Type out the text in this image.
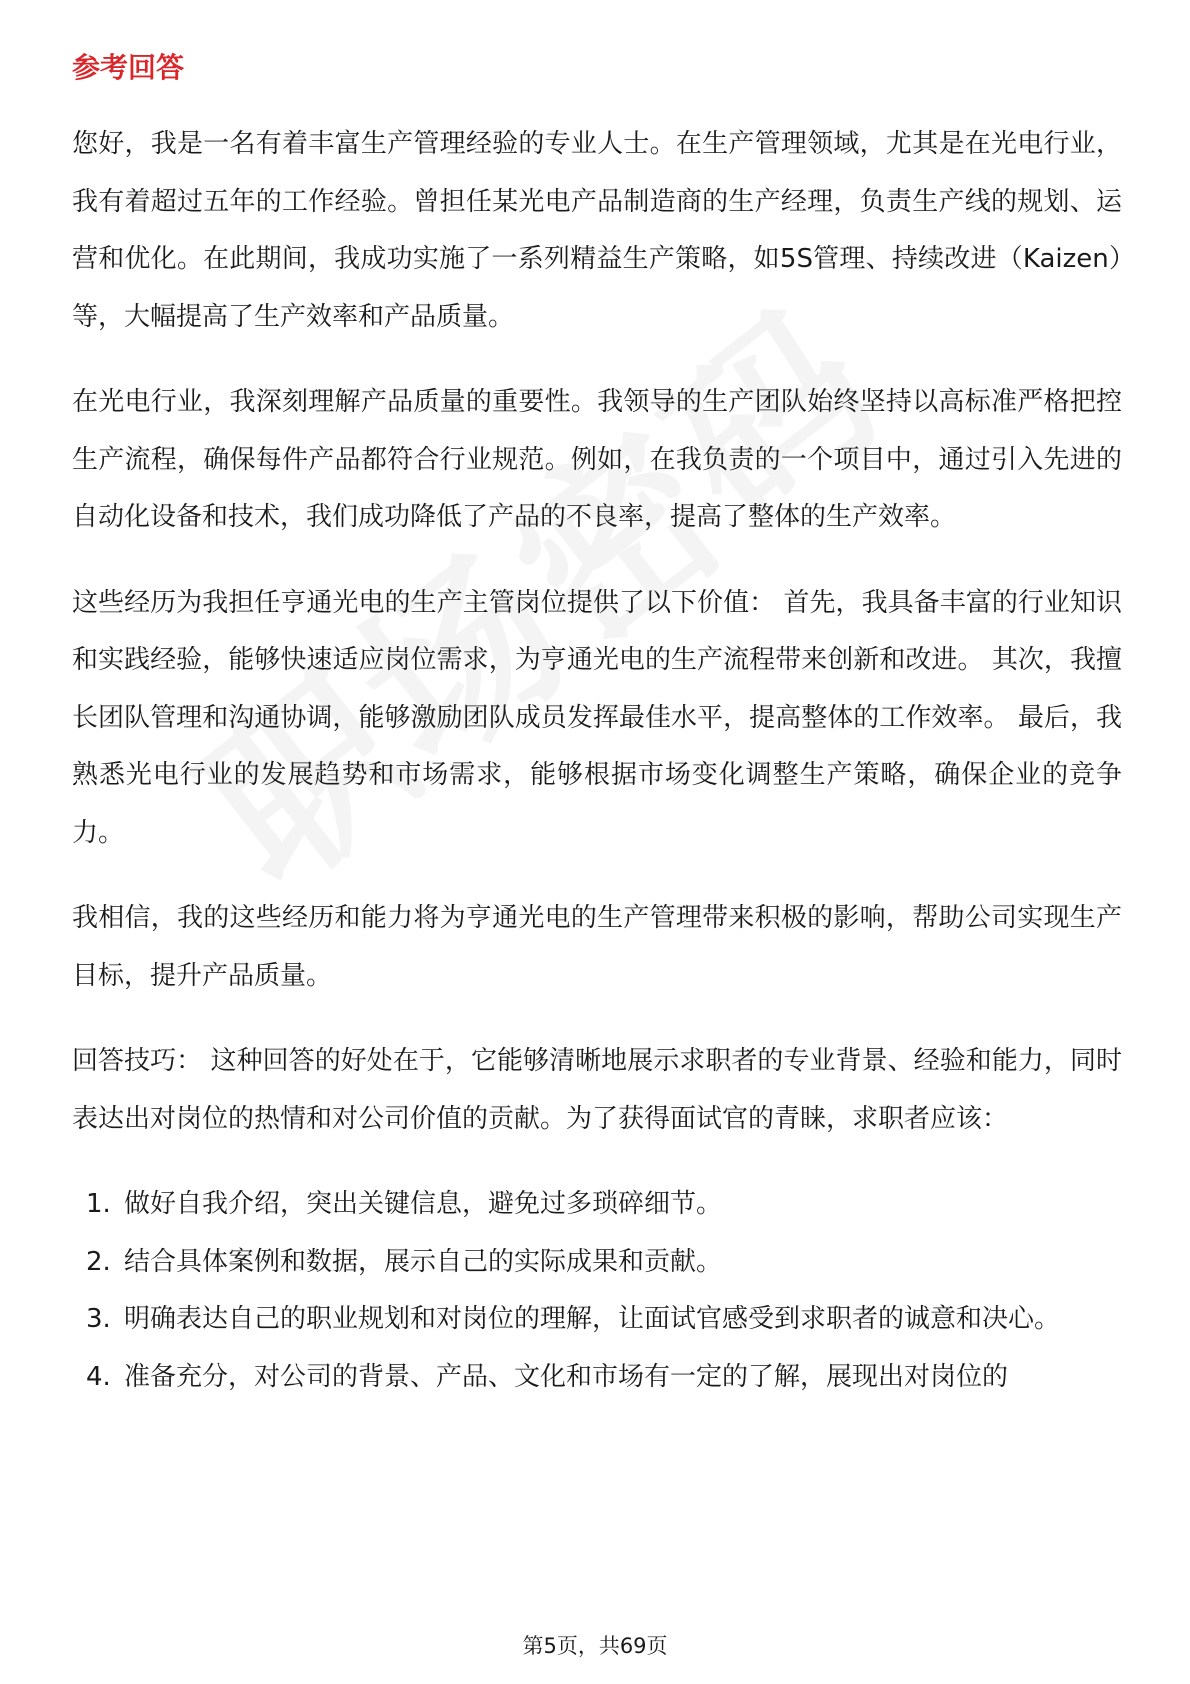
参考回答

您好，我是一名有着丰富生产管理经验的专业人士。在生产管理领域，尤其是在光电行业，我有着超过五年的工作经验。曾担任某光电产品制造商的生产经理，负责生产线的规划、运营和优化。在此期间，我成功实施了一系列精益生产策略，如5S管理、持续改进（Kaizen）等，大幅提高了生产效率和产品质量。

在光电行业，我深刻理解产品质量的重要性。我领导的生产团队始终坚持以高标准严格把控生产流程，确保每件产品都符合行业规范。例如，在我负责的一个项目中，通过引入先进的自动化设备和技术，我们成功降低了产品的不良率，提高了整体的生产效率。

这些经历为我担任亨通光电的生产主管岗位提供了以下价值： 首先，我具备丰富的行业知识和实践经验，能够快速适应岗位需求，为亨通光电的生产流程带来创新和改进。 其次，我擅长团队管理和沟通协调，能够激励团队成员发挥最佳水平，提高整体的工作效率。 最后，我熟悉光电行业的发展趋势和市场需求，能够根据市场变化调整生产策略，确保企业的竞争力。

我相信，我的这些经历和能力将为亨通光电的生产管理带来积极的影响，帮助公司实现生产目标，提升产品质量。

回答技巧： 这种回答的好处在于，它能够清晰地展示求职者的专业背景、经验和能力，同时表达出对岗位的热情和对公司价值的贡献。为了获得面试官的青睐，求职者应该：

1. 做好自我介绍，突出关键信息，避免过多琐碎细节。
2. 结合具体案例和数据，展示自己的实际成果和贡献。
3. 明确表达自己的职业规划和对岗位的理解，让面试官感受到求职者的诚意和决心。
4. 准备充分，对公司的背景、产品、文化和市场有一定的了解，展现出对岗位的
第5页，共69页
